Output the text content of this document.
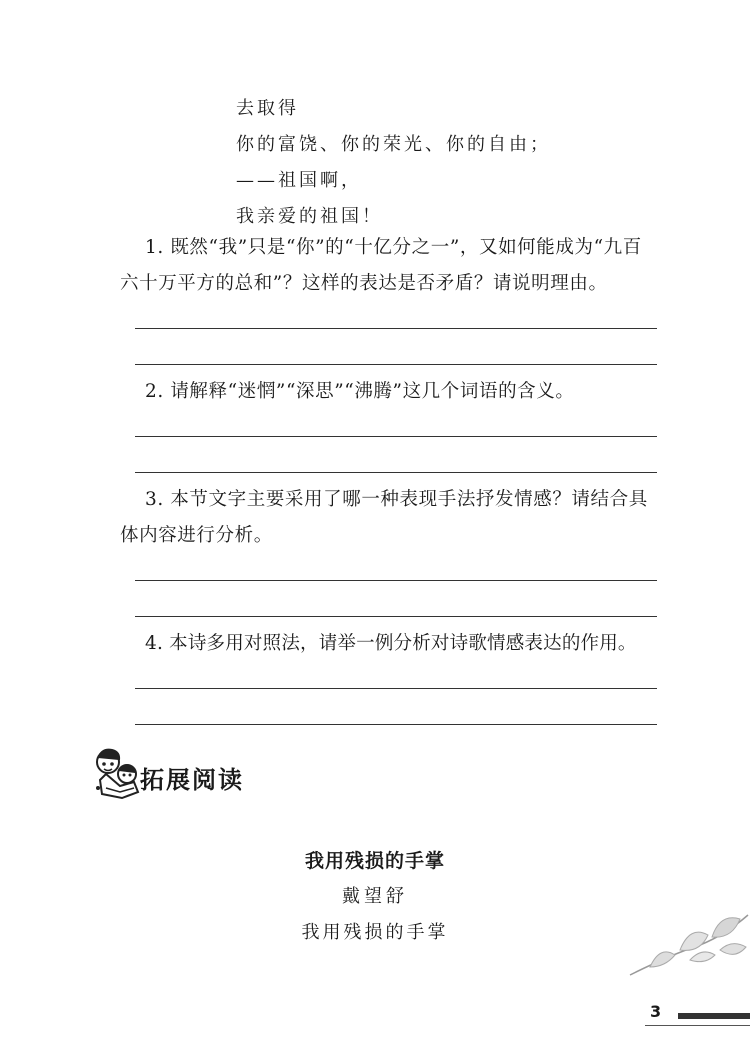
去取得
你的富饶、你的荣光、你的自由；
——祖国啊，
我亲爱的祖国！
1. 既然“我”只是“你”的“十亿分之一”，又如何能成为“九百六十万平方的总和”？这样的表达是否矛盾？请说明理由。
2. 请解释“迷惘”“深思”“沸腾”这几个词语的含义。
3. 本节文字主要采用了哪一种表现手法抒发情感？请结合具体内容进行分析。
4. 本诗多用对照法，请举一例分析对诗歌情感表达的作用。
拓展阅读
我用残损的手掌
戴望舒
我用残损的手掌
3
